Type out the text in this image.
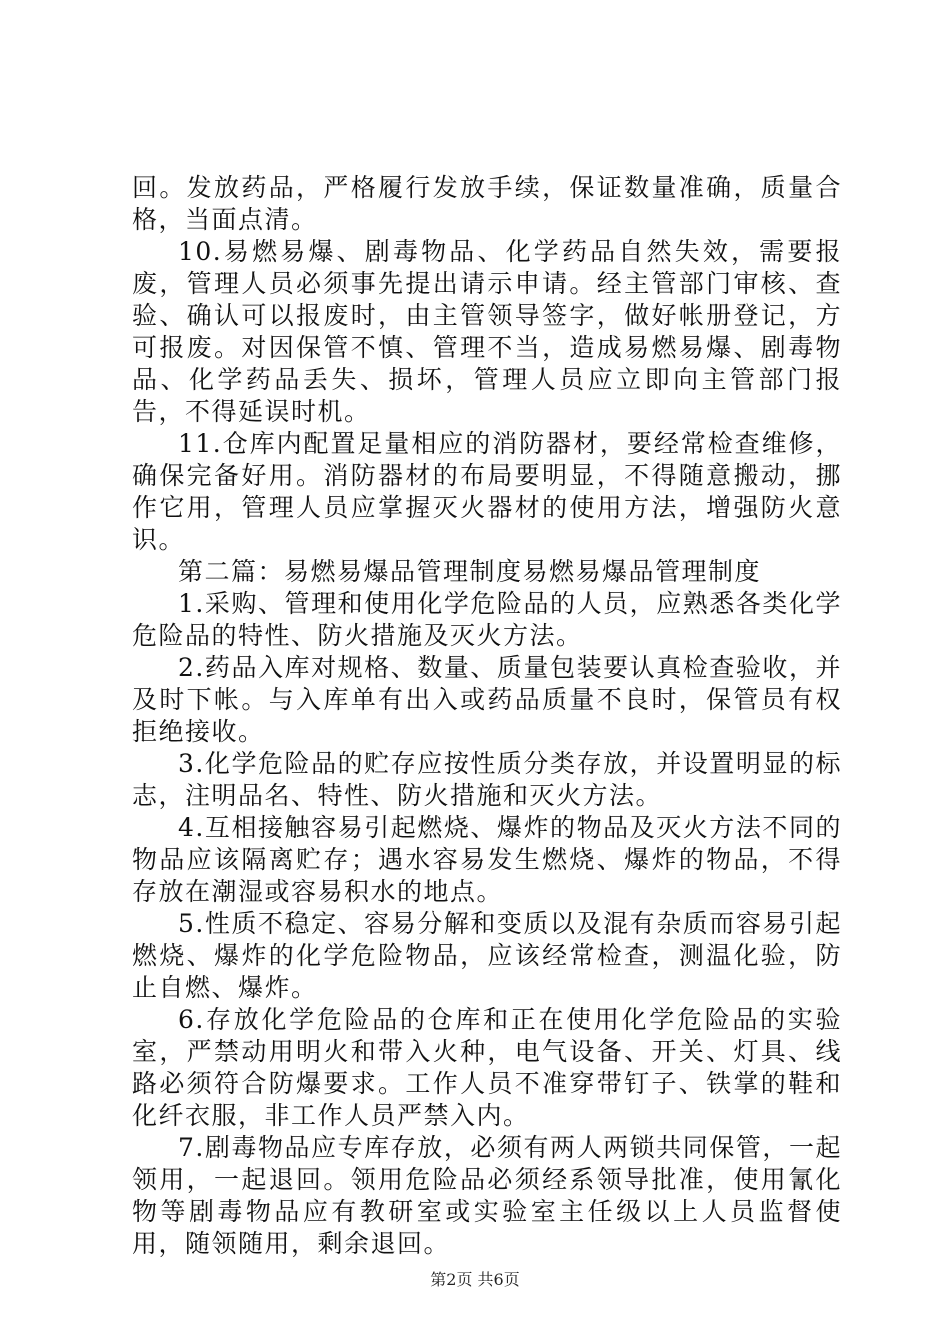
回。发放药品，严格履行发放手续，保证数量准确，质量合格，当面点清。

10.易燃易爆、剧毒物品、化学药品自然失效，需要报废，管理人员必须事先提出请示申请。经主管部门审核、查验、确认可以报废时，由主管领导签字，做好帐册登记，方可报废。对因保管不慎、管理不当，造成易燃易爆、剧毒物品、化学药品丢失、损坏，管理人员应立即向主管部门报告，不得延误时机。

11.仓库内配置足量相应的消防器材，要经常检查维修，确保完备好用。消防器材的布局要明显，不得随意搬动，挪作它用，管理人员应掌握灭火器材的使用方法，增强防火意识。

第二篇：易燃易爆品管理制度易燃易爆品管理制度

1.采购、管理和使用化学危险品的人员，应熟悉各类化学危险品的特性、防火措施及灭火方法。

2.药品入库对规格、数量、质量包装要认真检查验收，并及时下帐。与入库单有出入或药品质量不良时，保管员有权拒绝接收。

3.化学危险品的贮存应按性质分类存放，并设置明显的标志，注明品名、特性、防火措施和灭火方法。

4.互相接触容易引起燃烧、爆炸的物品及灭火方法不同的物品应该隔离贮存；遇水容易发生燃烧、爆炸的物品，不得存放在潮湿或容易积水的地点。

5.性质不稳定、容易分解和变质以及混有杂质而容易引起燃烧、爆炸的化学危险物品，应该经常检查，测温化验，防止自燃、爆炸。

6.存放化学危险品的仓库和正在使用化学危险品的实验室，严禁动用明火和带入火种，电气设备、开关、灯具、线路必须符合防爆要求。工作人员不准穿带钉子、铁掌的鞋和化纤衣服，非工作人员严禁入内。

7.剧毒物品应专库存放，必须有两人两锁共同保管，一起领用，一起退回。领用危险品必须经系领导批准，使用氰化物等剧毒物品应有教研室或实验室主任级以上人员监督使用，随领随用，剩余退回。

第2页 共6页
